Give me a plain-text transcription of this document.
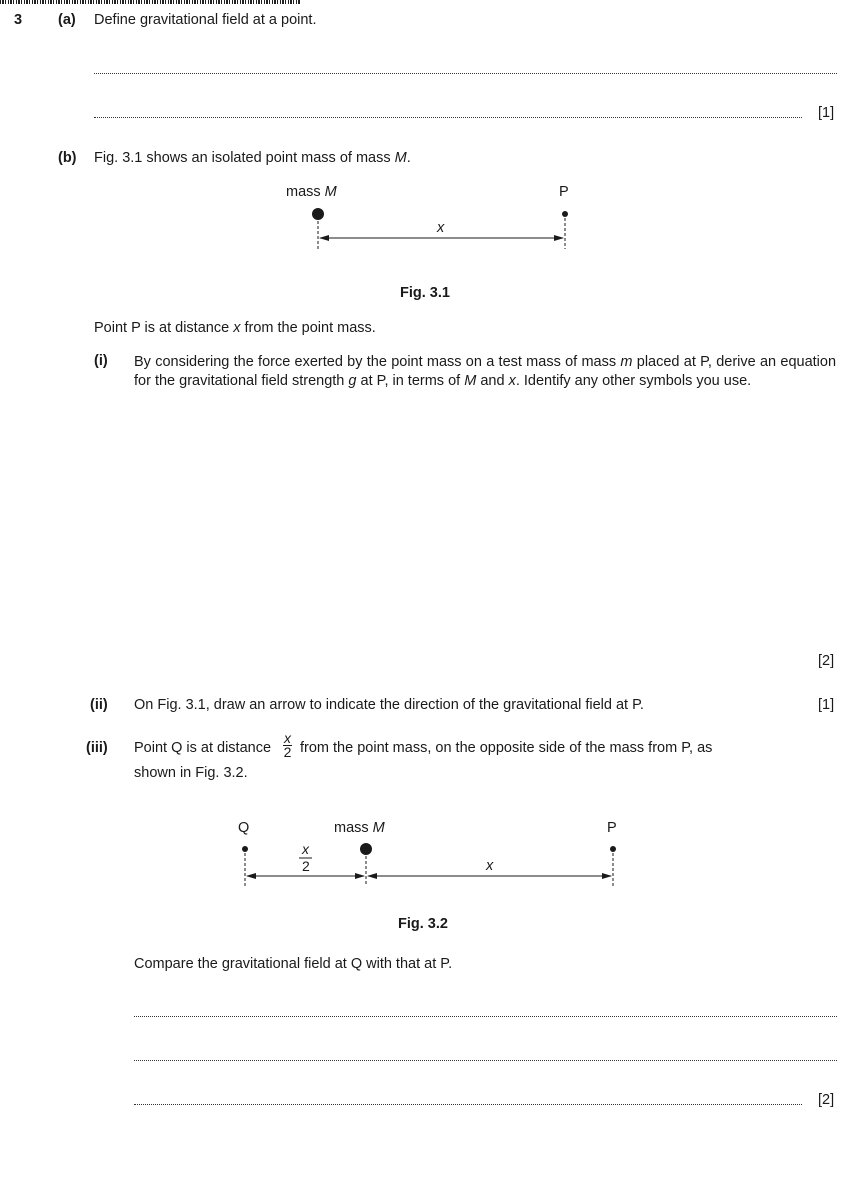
3 (a) Define gravitational field at a point.
[1]
(b) Fig. 3.1 shows an isolated point mass of mass M.
mass M	P
x
Fig. 3.1
Point P is at distance x from the point mass.
(i) By considering the force exerted by the point mass on a test mass of mass m placed at P, derive an equation for the gravitational field strength g at P, in terms of M and x. Identify any other symbols you use.
[2]
(ii) On Fig. 3.1, draw an arrow to indicate the direction of the gravitational field at P.	[1]
(iii) Point Q is at distance $\frac{x}{2}$ from the point mass, on the opposite side of the mass from P, as
shown in Fig. 3.2.
Q	mass M	P
x
2	x
Fig. 3.2
Compare the gravitational field at Q with that at P.
[2]
